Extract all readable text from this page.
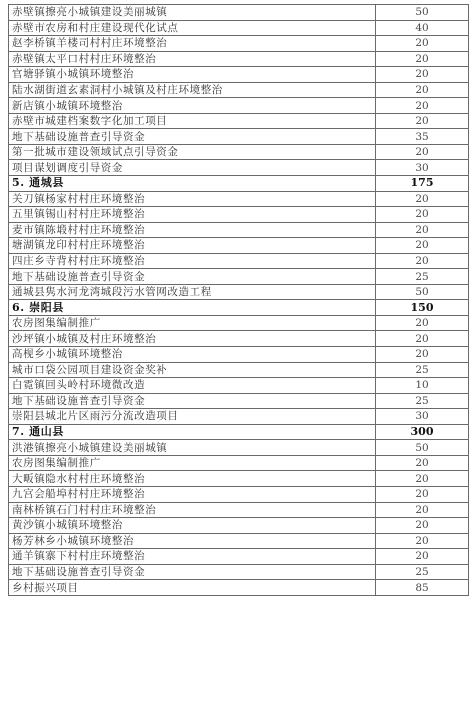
赤壁镇擦亮小城镇建设美丽城镇	50
赤壁市农房和村庄建设现代化试点	40
赵李桥镇羊楼司村村庄环境整治	20
赤壁镇太平口村村庄环境整治	20
官塘驿镇小城镇环境整治	20
陆水湖街道玄素洞村小城镇及村庄环境整治	20
新店镇小城镇环境整治	20
赤壁市城建档案数字化加工项目	20
地下基础设施普查引导资金	35
第一批城市建设领域试点引导资金	20
项目谋划调度引导资金	30
5. 通城县	175
关刀镇杨家村村庄环境整治	20
五里镇锡山村村庄环境整治	20
麦市镇陈塅村村庄环境整治	20
塘湖镇龙印村村庄环境整治	20
四庄乡寺背村村庄环境整治	20
地下基础设施普查引导资金	25
通城县隽水河龙湾城段污水管网改造工程	50
6. 崇阳县	150
农房图集编制推广	20
沙坪镇小城镇及村庄环境整治	20
高枧乡小城镇环境整治	20
城市口袋公园项目建设资金奖补	25
白霓镇回头岭村环境微改造	10
地下基础设施普查引导资金	25
崇阳县城北片区雨污分流改造项目	30
7. 通山县	300
洪港镇擦亮小城镇建设美丽城镇	50
农房图集编制推广	20
大畈镇隐水村村庄环境整治	20
九宫会船埠村村庄环境整治	20
南林桥镇石门村村庄环境整治	20
黄沙镇小城镇环境整治	20
杨芳林乡小城镇环境整治	20
通羊镇寨下村村庄环境整治	20
地下基础设施普查引导资金	25
乡村振兴项目	85
